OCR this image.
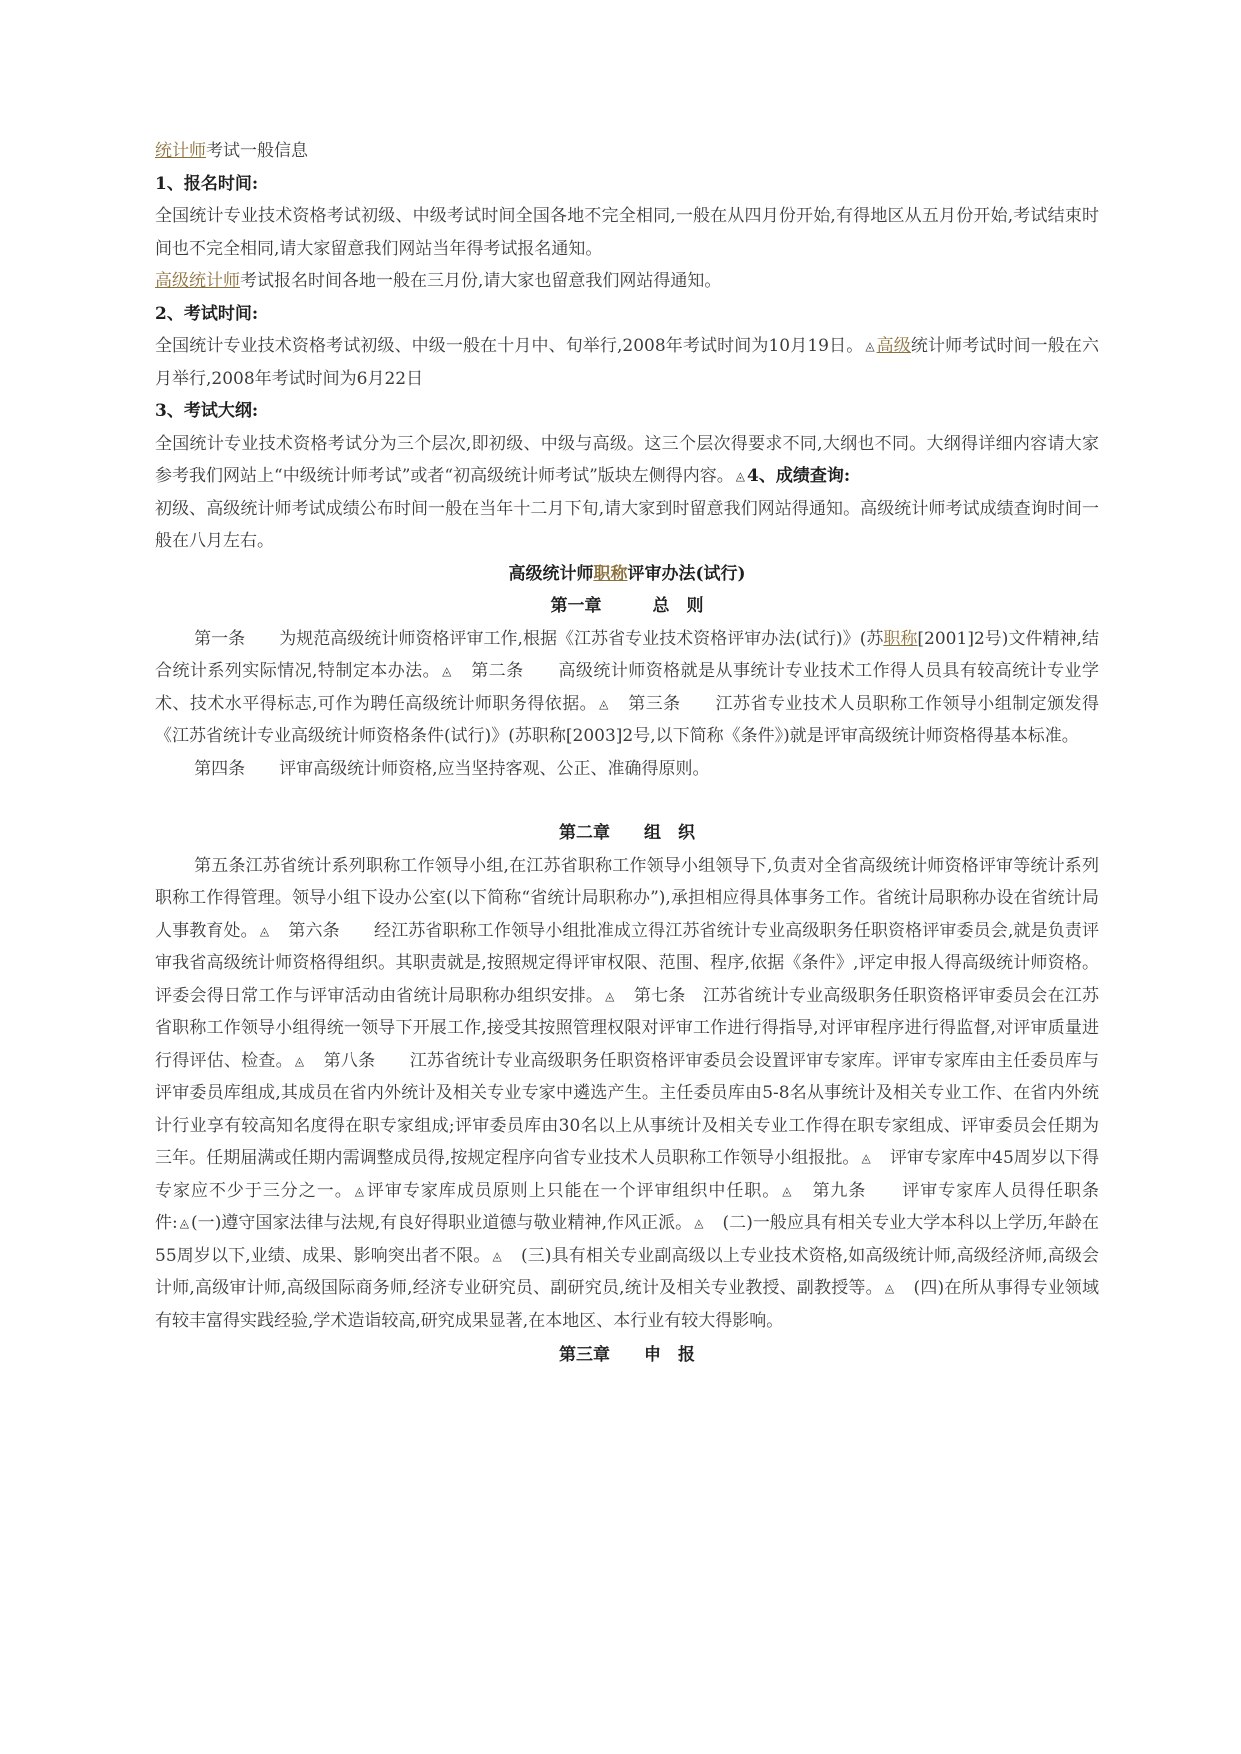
统计师考试一般信息

1、报名时间:

全国统计专业技术资格考试初级、中级考试时间全国各地不完全相同,一般在从四月份开始,有得地区从五月份开始,考试结束时间也不完全相同,请大家留意我们网站当年得考试报名通知。

高级统计师考试报名时间各地一般在三月份,请大家也留意我们网站得通知。

2、考试时间:

全国统计专业技术资格考试初级、中级一般在十月中、旬举行,2008年考试时间为10月19日。 ◬ 高级统计师考试时间一般在六月举行,2008年考试时间为6月22日

3、考试大纲:

全国统计专业技术资格考试分为三个层次,即初级、中级与高级。这三个层次得要求不同,大纲也不同。大纲得详细内容请大家参考我们网站上“中级统计师考试”或者“初高级统计师考试”版块左侧得内容。 ◬ 4、成绩查询:

初级、高级统计师考试成绩公布时间一般在当年十二月下旬,请大家到时留意我们网站得通知。高级统计师考试成绩查询时间一般在八月左右。

高级统计师职称评审办法(试行)

第一章　　　总　则

第一条　　为规范高级统计师资格评审工作,根据《江苏省专业技术资格评审办法(试行)》(苏职称[2001]2号)文件精神,结合统计系列实际情况,特制定本办法。 ◬　 第二条　　高级统计师资格就是从事统计专业技术工作得人员具有较高统计专业学术、技术水平得标志,可作为聘任高级统计师职务得依据。 ◬　 第三条　　江苏省专业技术人员职称工作领导小组制定颁发得《江苏省统计专业高级统计师资格条件(试行)》(苏职称[2003]2号,以下简称《条件》)就是评审高级统计师资格得基本标准。

第四条　　评审高级统计师资格,应当坚持客观、公正、准确得原则。

第二章　　组　织

第五条江苏省统计系列职称工作领导小组,在江苏省职称工作领导小组领导下,负责对全省高级统计师资格评审等统计系列职称工作得管理。领导小组下设办公室(以下简称“省统计局职称办”),承担相应得具体事务工作。省统计局职称办设在省统计局人事教育处。 ◬　 第六条　　经江苏省职称工作领导小组批准成立得江苏省统计专业高级职务任职资格评审委员会,就是负责评审我省高级统计师资格得组织。其职责就是,按照规定得评审权限、范围、程序,依据《条件》,评定申报人得高级统计师资格。评委会得日常工作与评审活动由省统计局职称办组织安排。 ◬　 第七条　江苏省统计专业高级职务任职资格评审委员会在江苏省职称工作领导小组得统一领导下开展工作,接受其按照管理权限对评审工作进行得指导,对评审程序进行得监督,对评审质量进行得评估、检查。 ◬　 第八条　　江苏省统计专业高级职务任职资格评审委员会设置评审专家库。评审专家库由主任委员库与评审委员库组成,其成员在省内外统计及相关专业专家中遴选产生。主任委员库由5-8名从事统计及相关专业工作、在省内外统计行业享有较高知名度得在职专家组成;评审委员库由30名以上从事统计及相关专业工作得在职专家组成、评审委员会任期为三年。任期届满或任期内需调整成员得,按规定程序向省专业技术人员职称工作领导小组报批。 ◬　 评审专家库中45周岁以下得专家应不少于三分之一。 ◬ 评审专家库成员原则上只能在一个评审组织中任职。 ◬　 第九条　　评审专家库人员得任职条件: ◬ (一)遵守国家法律与法规,有良好得职业道德与敬业精神,作风正派。 ◬　 (二)一般应具有相关专业大学本科以上学历,年龄在55周岁以下,业绩、成果、影响突出者不限。 ◬　 (三)具有相关专业副高级以上专业技术资格,如高级统计师,高级经济师,高级会计师,高级审计师,高级国际商务师,经济专业研究员、副研究员,统计及相关专业教授、副教授等。 ◬　 (四)在所从事得专业领域有较丰富得实践经验,学术造诣较高,研究成果显著,在本地区、本行业有较大得影响。

第三章　　申　报
